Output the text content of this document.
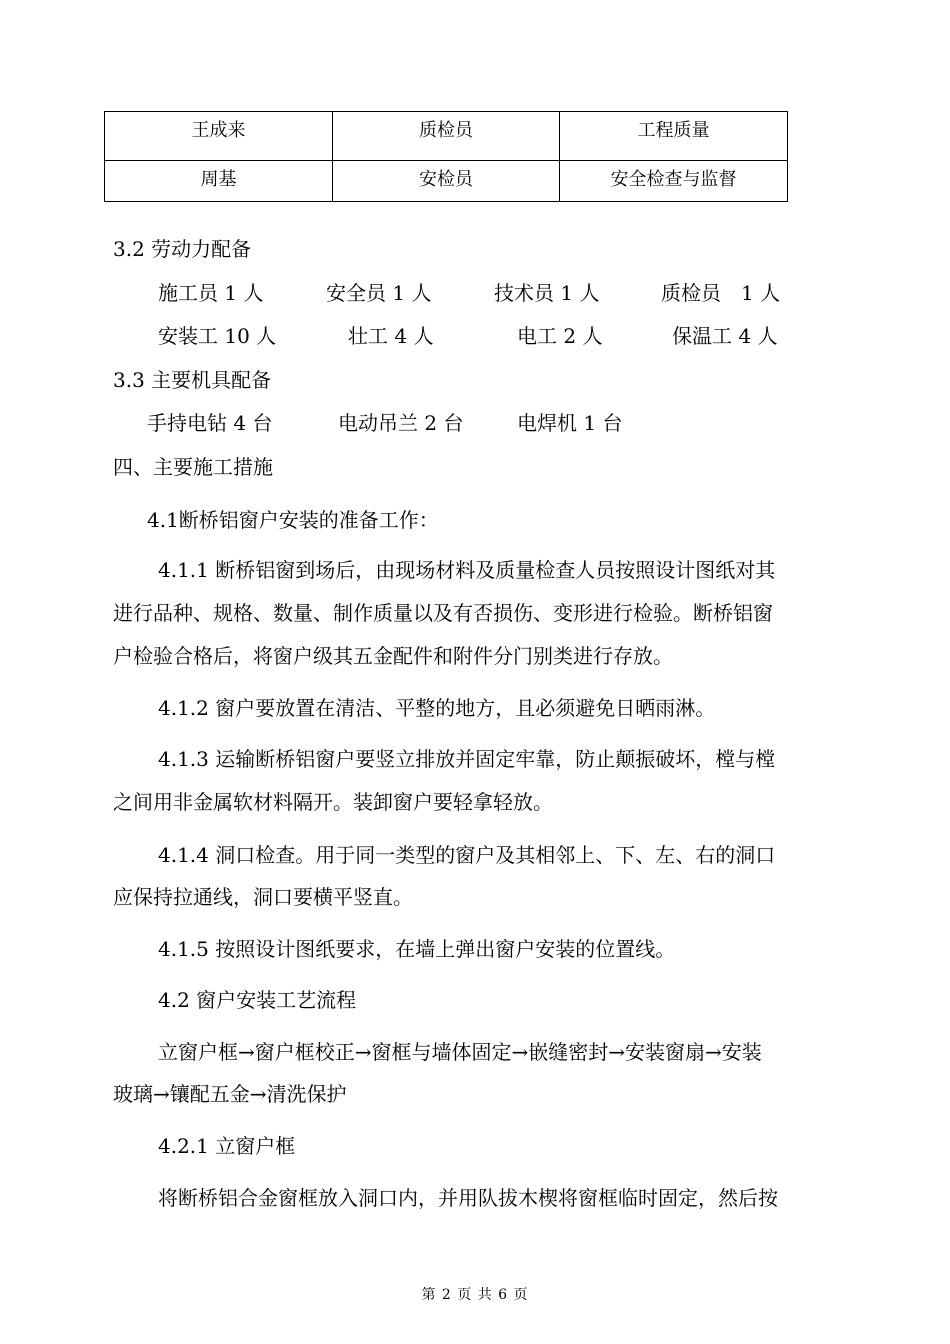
王成来	质检员	工程质量
周基	安检员	安全检查与监督
3.2 劳动力配备
施工员 1 人	安全员 1 人	技术员 1 人	质检员　1 人
安装工 10 人	壮工 4 人	电工 2 人	保温工 4 人
3.3 主要机具配备
手持电钻 4 台	电动吊兰 2 台	电焊机 1 台
四、主要施工措施
4.1断桥铝窗户安装的准备工作：
4.1.1 断桥铝窗到场后，由现场材料及质量检查人员按照设计图纸对其
进行品种、规格、数量、制作质量以及有否损伤、变形进行检验。断桥铝窗
户检验合格后，将窗户级其五金配件和附件分门别类进行存放。
4.1.2 窗户要放置在清洁、平整的地方，且必须避免日晒雨淋。
4.1.3 运输断桥铝窗户要竖立排放并固定牢靠，防止颠振破坏，樘与樘
之间用非金属软材料隔开。装卸窗户要轻拿轻放。
4.1.4 洞口检查。用于同一类型的窗户及其相邻上、下、左、右的洞口
应保持拉通线，洞口要横平竖直。
4.1.5 按照设计图纸要求，在墙上弹出窗户安装的位置线。
4.2 窗户安装工艺流程
立窗户框→窗户框校正→窗框与墙体固定→嵌缝密封→安装窗扇→安装
玻璃→镶配五金→清洗保护
4.2.1 立窗户框
将断桥铝合金窗框放入洞口内，并用队拔木楔将窗框临时固定，然后按
第 2 页 共 6 页
